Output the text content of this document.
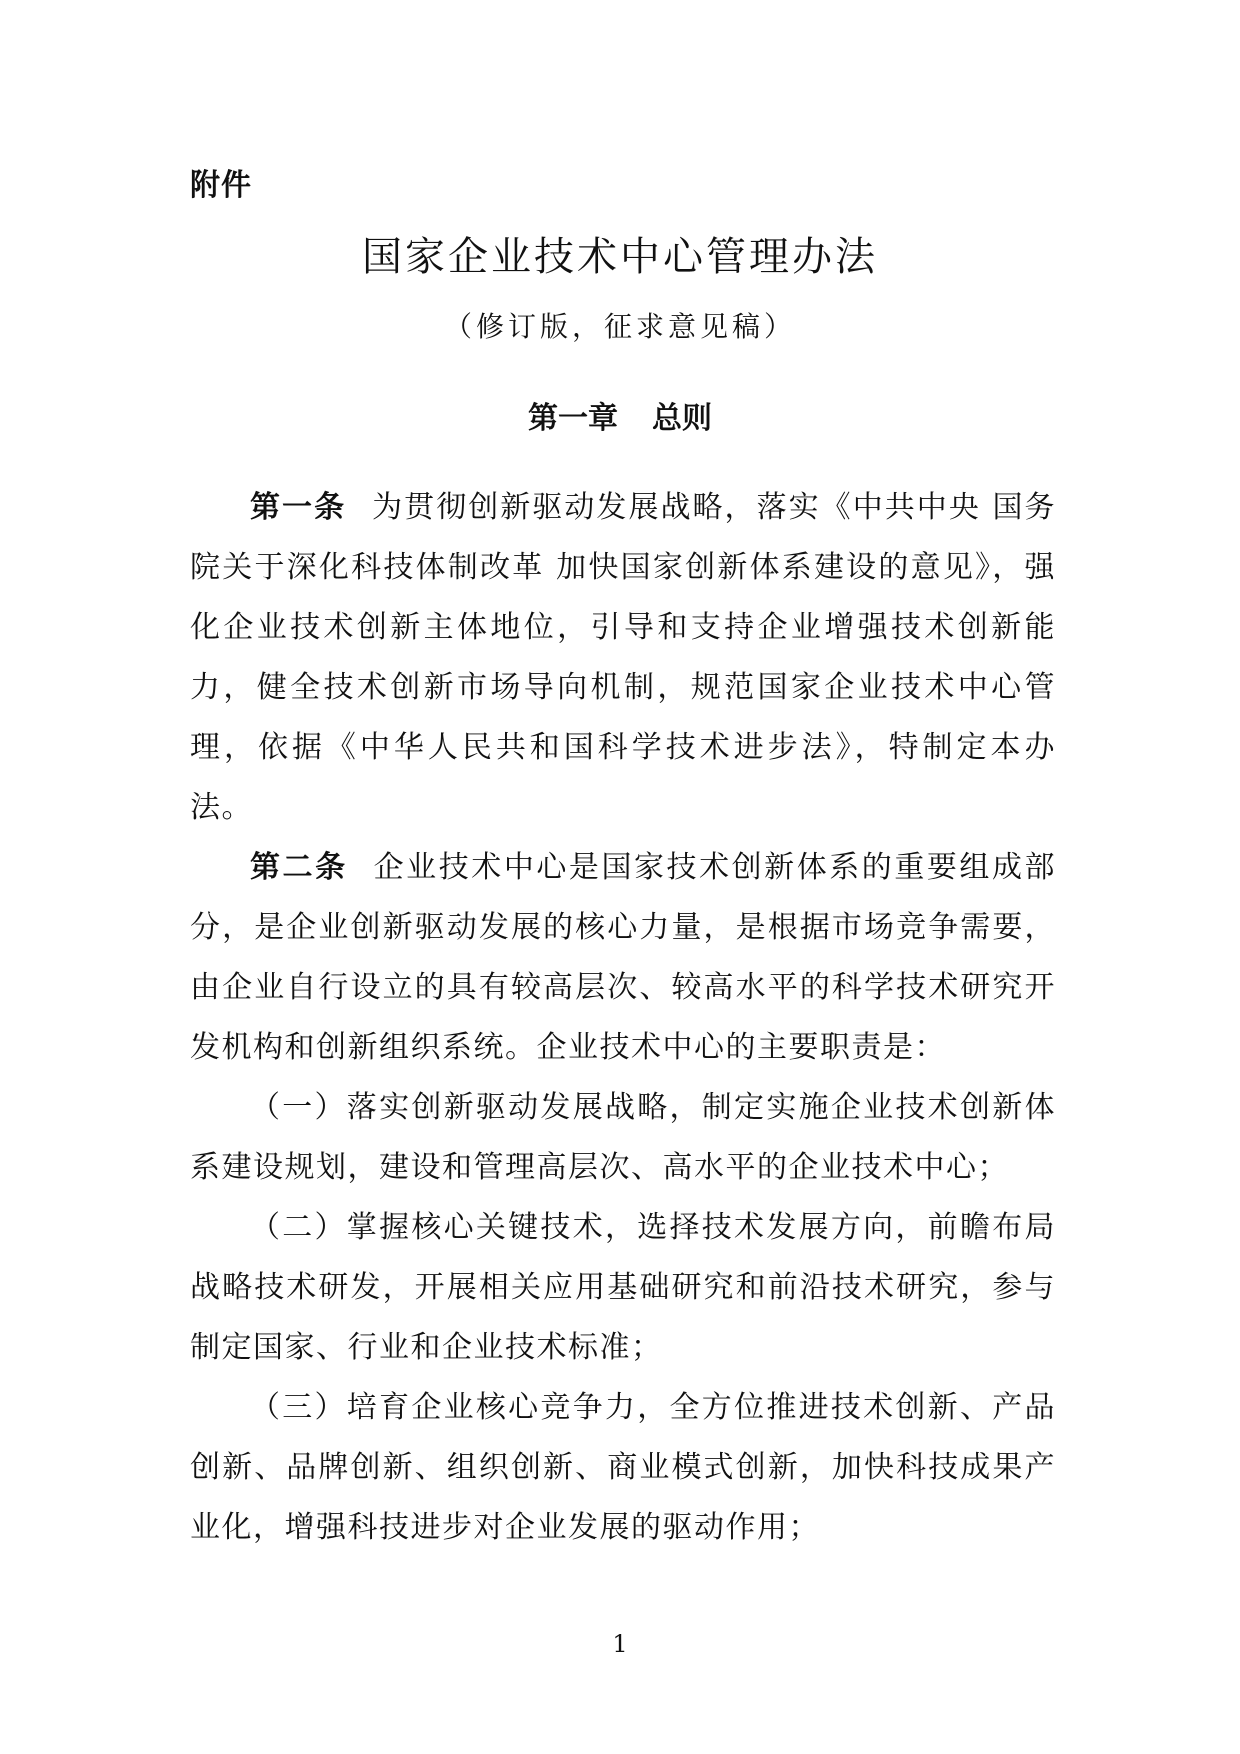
附件
国家企业技术中心管理办法
（修订版，征求意见稿）
第一章 总则

第一条 为贯彻创新驱动发展战略，落实《中共中央 国务院关于深化科技体制改革 加快国家创新体系建设的意见》，强化企业技术创新主体地位，引导和支持企业增强技术创新能力，健全技术创新市场导向机制，规范国家企业技术中心管理，依据《中华人民共和国科学技术进步法》，特制定本办法。

第二条 企业技术中心是国家技术创新体系的重要组成部分，是企业创新驱动发展的核心力量，是根据市场竞争需要，由企业自行设立的具有较高层次、较高水平的科学技术研究开发机构和创新组织系统。企业技术中心的主要职责是：

（一）落实创新驱动发展战略，制定实施企业技术创新体系建设规划，建设和管理高层次、高水平的企业技术中心；

（二）掌握核心关键技术，选择技术发展方向，前瞻布局战略技术研发，开展相关应用基础研究和前沿技术研究，参与制定国家、行业和企业技术标准；

（三）培育企业核心竞争力，全方位推进技术创新、产品创新、品牌创新、组织创新、商业模式创新，加快科技成果产业化，增强科技进步对企业发展的驱动作用；

1
